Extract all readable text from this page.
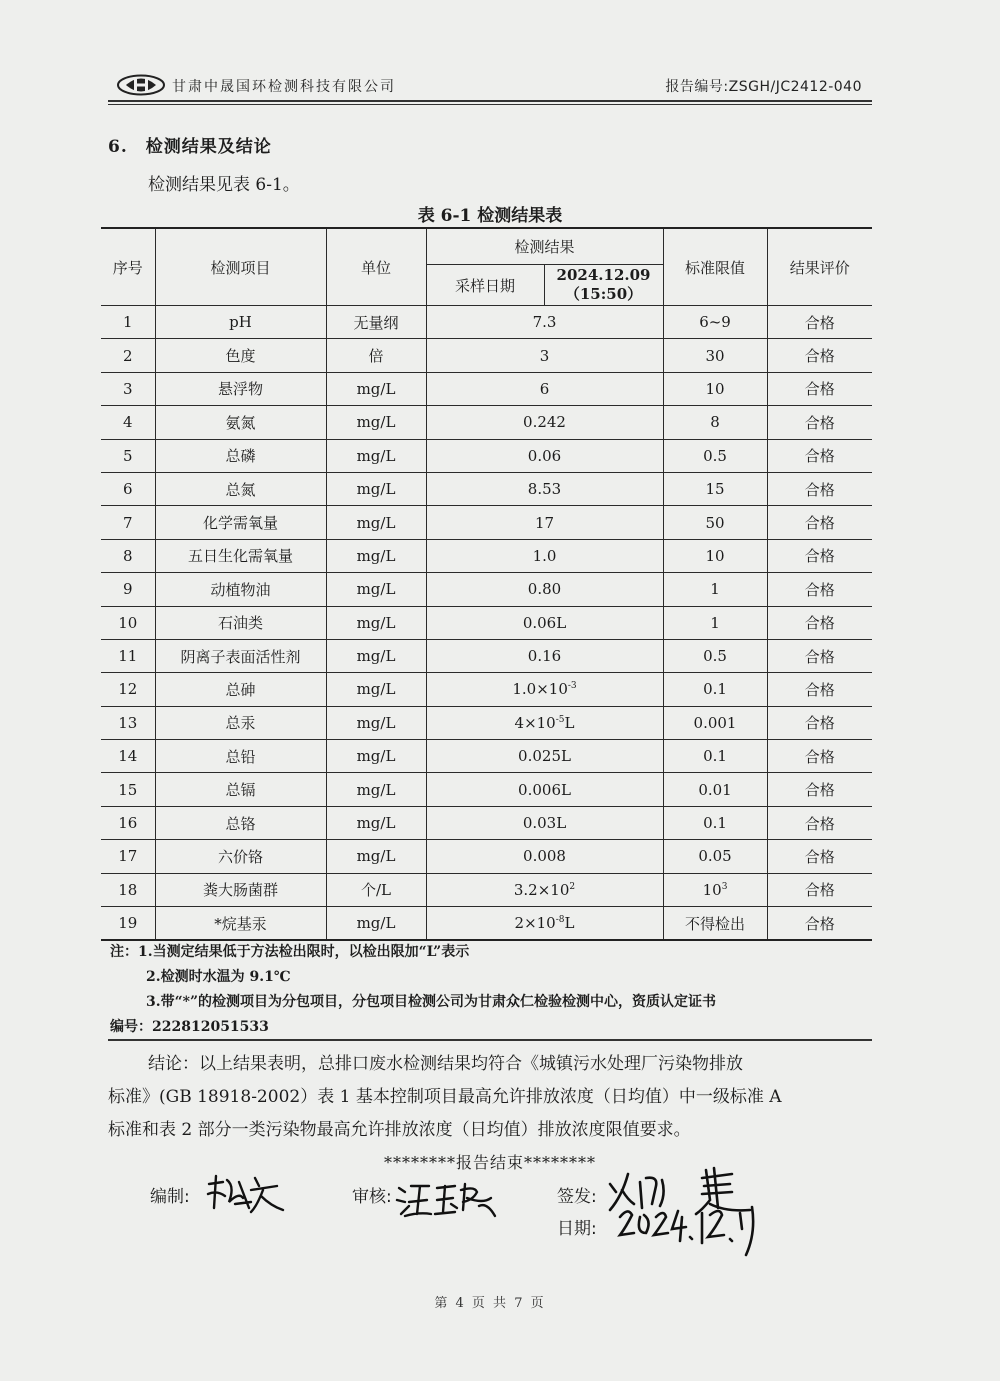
甘肃中晟国环检测科技有限公司	报告编号:ZSGH/JC2412-040
6. 检测结果及结论
检测结果见表 6-1。
表 6-1 检测结果表
序号	检测项目	单位	检测结果		标准限值	结果评价
			采样日期	2024.12.09
（15:50）		

1	pH	无量纲	7.3		6~9	合格
2	色度	倍	3		30	合格
3	悬浮物	mg/L	6		10	合格
4	氨氮	mg/L	0.242		8	合格
5	总磷	mg/L	0.06		0.5	合格
6	总氮	mg/L	8.53		15	合格
7	化学需氧量	mg/L	17		50	合格
8	五日生化需氧量	mg/L	1.0		10	合格
9	动植物油	mg/L	0.80		1	合格
10	石油类	mg/L	0.06L		1	合格
11	阴离子表面活性剂	mg/L	0.16		0.5	合格
12	总砷	mg/L	$1.0\times 10^{-3}$		0.1	合格
13	总汞	mg/L	$4\times 10^{-5}L$		0.001	合格
14	总铅	mg/L	0.025L		0.1	合格
15	总镉	mg/L	0.006L		0.01	合格
16	总铬	mg/L	0.03L		0.1	合格
17	六价铬	mg/L	0.008		0.05	合格
18	粪大肠菌群	个/L	$3.2\times 10^2$		$10^3$	合格
19	*烷基汞	mg/L	$2\times 10^{-8}L$		不得检出	合格
注：1.当测定结果低于方法检出限时，以检出限加“L”表示
2.检测时水温为 9.1℃
3.带“*”的检测项目为分包项目，分包项目检测公司为甘肃众仁检验检测中心，资质认定证书
编号：222812051533
结论：以上结果表明，总排口废水检测结果均符合《城镇污水处理厂污染物排放
标准》(GB 18918-2002）表 1 基本控制项目最高允许排放浓度（日均值）中一级标准 A
标准和表 2 部分一类污染物最高允许排放浓度（日均值）排放浓度限值要求。
********报告结束********
编制:	审核:	签发:
日期:
第 4 页 共 7 页
